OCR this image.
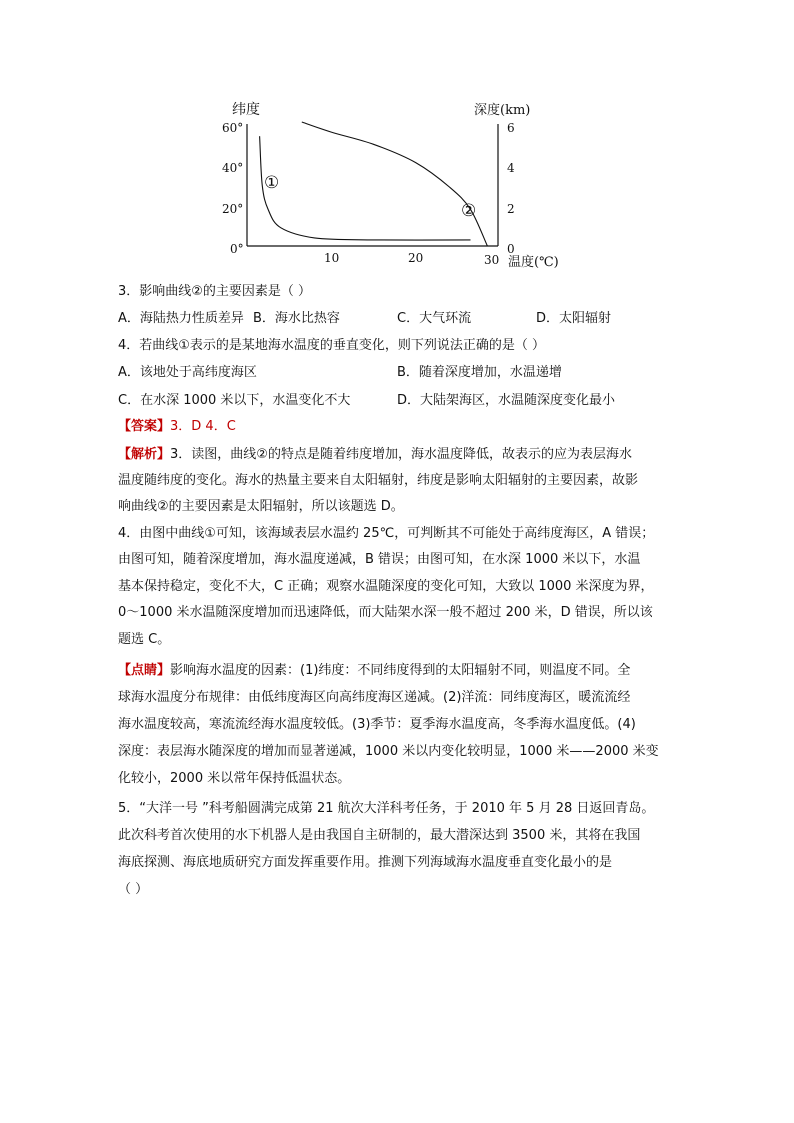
纬度	深度(km)
60°
40°
20°
0°
6
4
2
0
10	20	30 温度(℃)
①
②
3．影响曲线②的主要因素是（ ）
A．海陆热力性质差异 B．海水比热容	C．大气环流	D．太阳辐射
4．若曲线①表示的是某地海水温度的垂直变化，则下列说法正确的是（ ）
A．该地处于高纬度海区	B．随着深度增加，水温递增
C．在水深 1000 米以下，水温变化不大	D．大陆架海区，水温随深度变化最小
【答案】3．D 4．C
【解析】3．读图，曲线②的特点是随着纬度增加，海水温度降低，故表示的应为表层海水
温度随纬度的变化。海水的热量主要来自太阳辐射，纬度是影响太阳辐射的主要因素，故影
响曲线②的主要因素是太阳辐射，所以该题选 D。
4．由图中曲线①可知，该海域表层水温约 25℃，可判断其不可能处于高纬度海区，A 错误；
由图可知，随着深度增加，海水温度递减，B 错误；由图可知，在水深 1000 米以下，水温
基本保持稳定，变化不大，C 正确；观察水温随深度的变化可知，大致以 1000 米深度为界，
0～1000 米水温随深度增加而迅速降低，而大陆架水深一般不超过 200 米，D 错误，所以该
题选 C。
【点睛】影响海水温度的因素：(1)纬度：不同纬度得到的太阳辐射不同，则温度不同。全
球海水温度分布规律：由低纬度海区向高纬度海区递减。(2)洋流：同纬度海区，暖流流经
海水温度较高，寒流流经海水温度较低。(3)季节：夏季海水温度高，冬季海水温度低。(4)
深度：表层海水随深度的增加而显著递减，1000 米以内变化较明显，1000 米——2000 米变
化较小，2000 米以常年保持低温状态。
5．“大洋一号 ”科考船圆满完成第 21 航次大洋科考任务，于 2010 年 5 月 28 日返回青岛。
此次科考首次使用的水下机器人是由我国自主研制的，最大潜深达到 3500 米，其将在我国
海底探测、海底地质研究方面发挥重要作用。推测下列海域海水温度垂直变化最小的是
（ ）
